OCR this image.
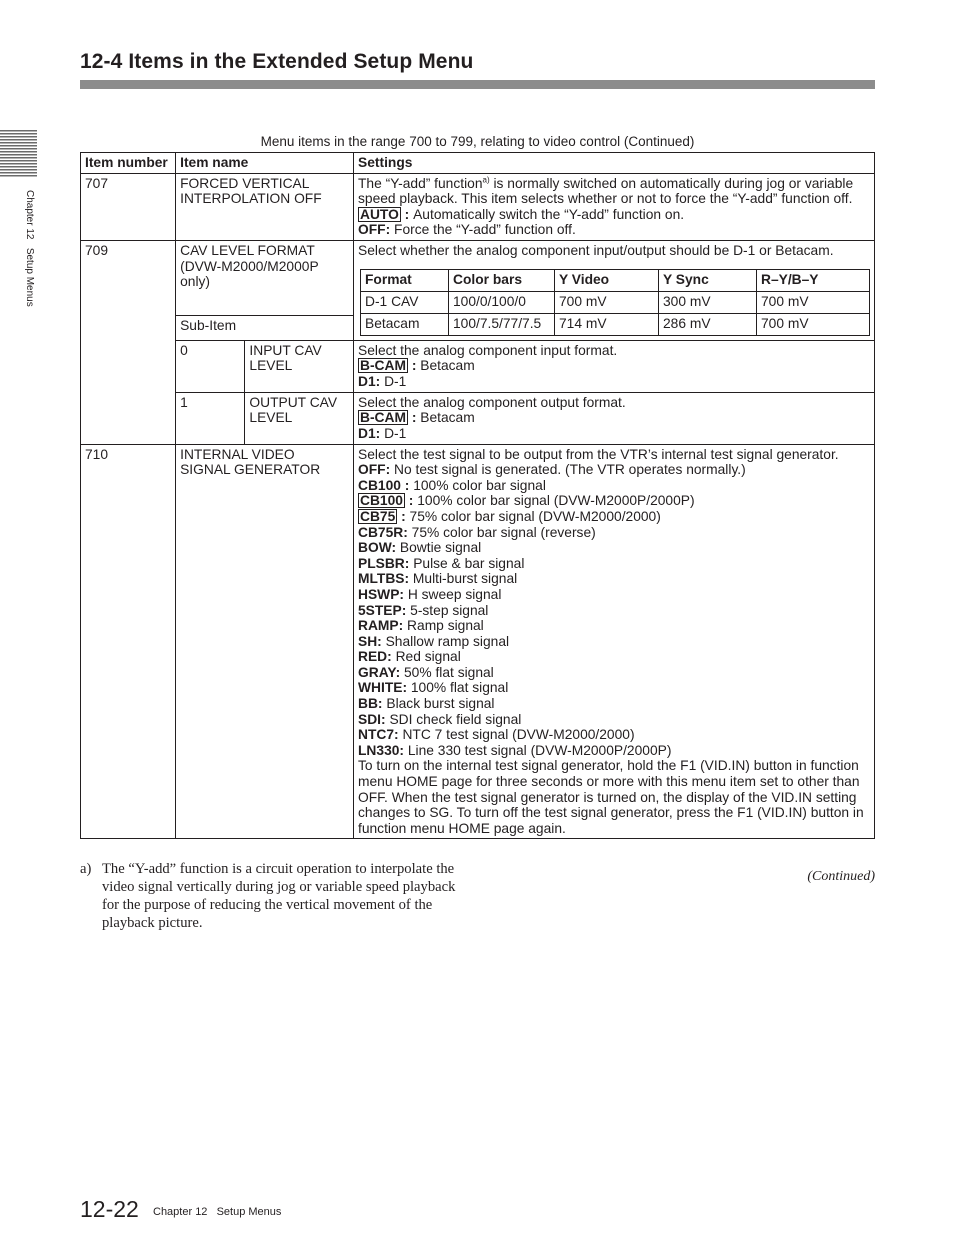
12-4 Items in the Extended Setup Menu
Chapter 12   Setup Menus
Menu items in the range 700 to 799, relating to video control (Continued)
Item number	Item name	Settings
707	FORCED VERTICAL INTERPOLATION OFF	The “Y-add” function$^{a)}$ is normally switched on automatically during jog or variable speed playback. This item selects whether or not to force the “Y-add” function off.
AUTO : Automatically switch the “Y-add” function on.
OFF: Force the “Y-add” function off.
709	CAV LEVEL FORMAT (DVW-M2000/M2000P only)	Select whether the analog component input/output should be D-1 or Betacam.
Format	Color bars	Y Video	Y Sync	R–Y/B–Y
D-1 CAV	100/0/100/0	700 mV	300 mV	700 mV
Betacam	100/7.5/77/7.5	714 mV	286 mV	700 mV

Sub-Item
0	INPUT CAV LEVEL	Select the analog component input format.
B-CAM : Betacam
D1: D-1
1	OUTPUT CAV LEVEL	Select the analog component output format.
B-CAM : Betacam
D1: D-1
710	INTERNAL VIDEO SIGNAL GENERATOR	Select the test signal to be output from the VTR’s internal test signal generator.
OFF: No test signal is generated. (The VTR operates normally.)
CB100 : 100% color bar signal
CB100 : 100% color bar signal (DVW-M2000P/2000P)
CB75 : 75% color bar signal (DVW-M2000/2000)
CB75R: 75% color bar signal (reverse)
BOW: Bowtie signal
PLSBR: Pulse & bar signal
MLTBS: Multi-burst signal
HSWP: H sweep signal
5STEP: 5-step signal
RAMP: Ramp signal
SH: Shallow ramp signal
RED: Red signal
GRAY: 50% flat signal
WHITE: 100% flat signal
BB: Black burst signal
SDI: SDI check field signal
NTC7: NTC 7 test signal (DVW-M2000/2000)
LN330: Line 330 test signal (DVW-M2000P/2000P)
To turn on the internal test signal generator, hold the F1 (VID.IN) button in function menu HOME page for three seconds or more with this menu item set to other than OFF. When the test signal generator is turned on, the display of the VID.IN setting changes to SG. To turn off the test signal generator, press the F1 (VID.IN) button in function menu HOME page again.
a) The “Y-add” function is a circuit operation to interpolate the video signal vertically during jog or variable speed playback for the purpose of reducing the vertical movement of the playback picture.
(Continued)
12-22 Chapter 12   Setup Menus
